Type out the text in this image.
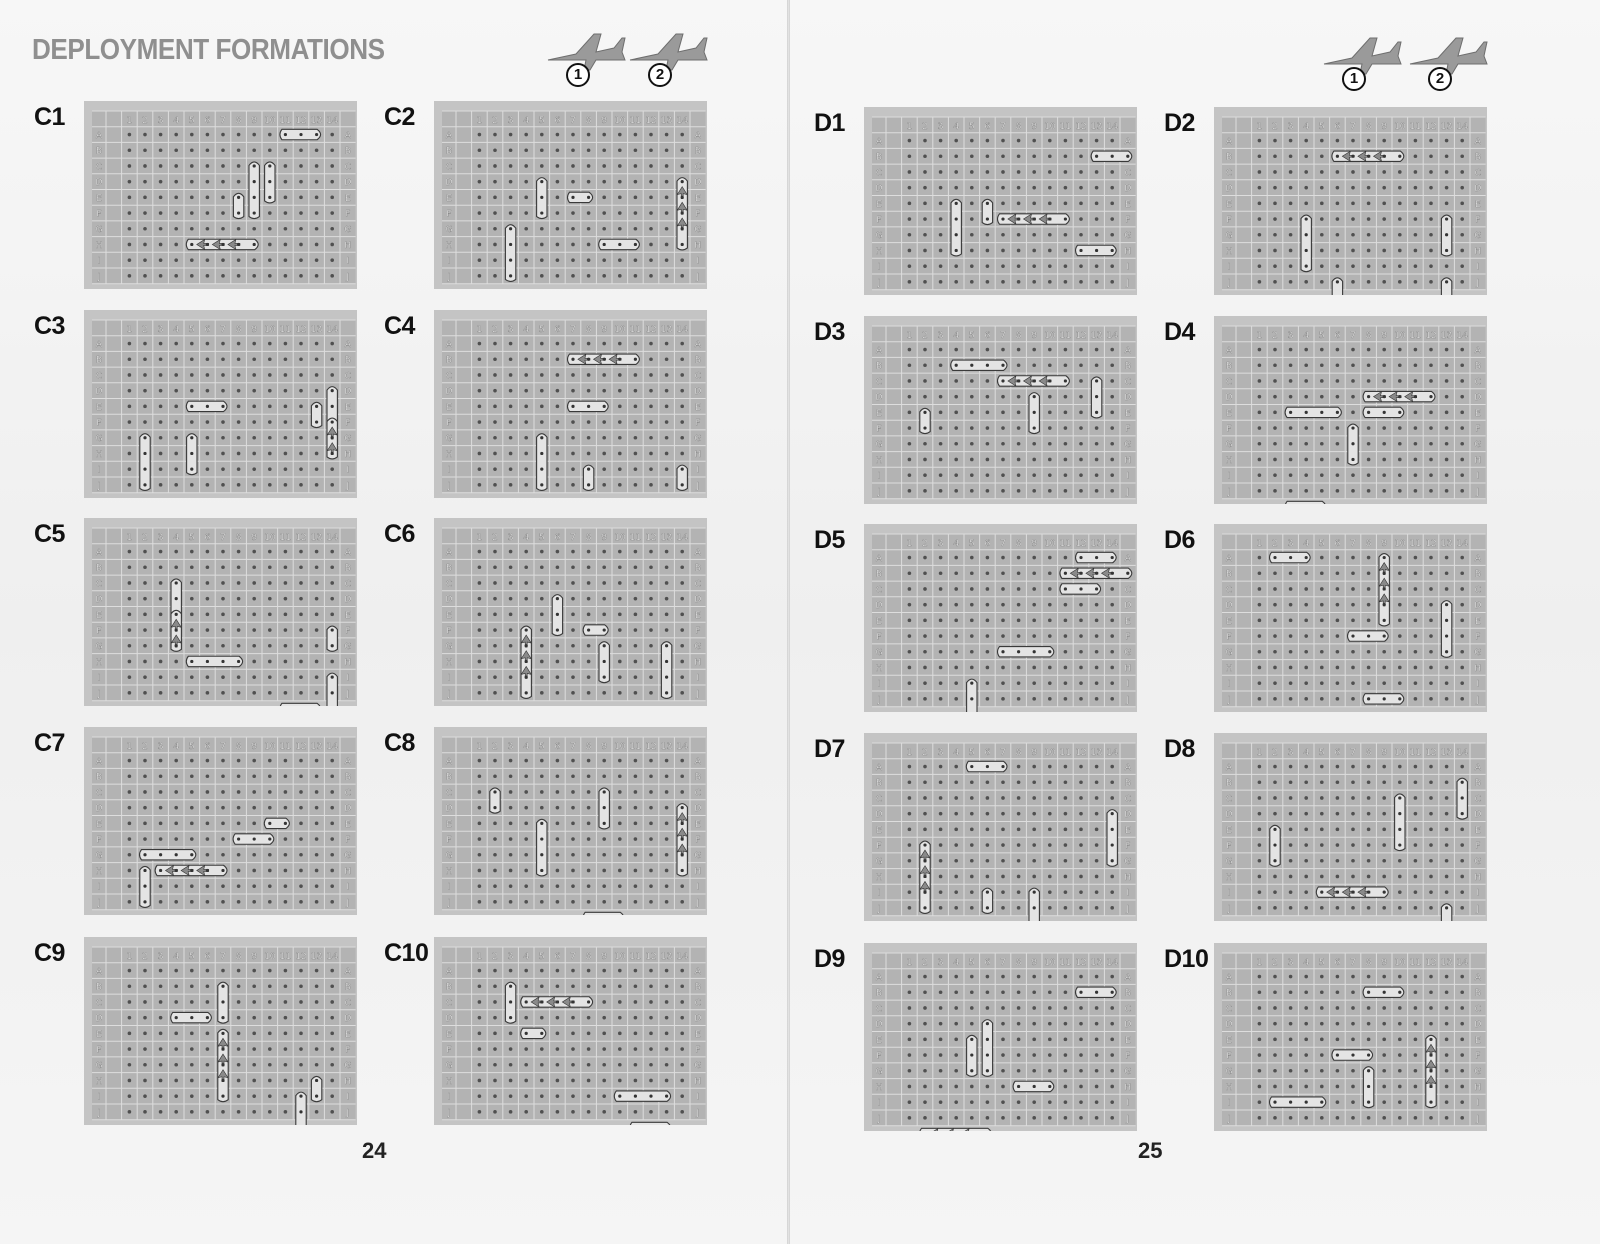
DEPLOYMENT FORMATIONS
1	2	1	2
C1	1 2 3 4 5 6 7 8 9 10 11 12 13 14
A	A
B	B
C	C
D	D
E	E
F	F
G	G
H	H
I	I
J	J
C2	1 2 3 4 5 6 7 8 9 10 11 12 13 14
A	A
B	B
C	C
D	D
E	E
F	F
G	G
H	H
I	I
J	J
C3	1 2 3 4 5 6 7 8 9 10 11 12 13 14
A	A
B	B
C	C
D	D
E	E
F	F
G	G
H	H
I	I
J	J
C4	1 2 3 4 5 6 7 8 9 10 11 12 13 14
A	A
B	B
C	C
D	D
E	E
F	F
G	G
H	H
I	I
J	J
C5	1 2 3 4 5 6 7 8 9 10 11 12 13 14
A	A
B	B
C	C
D	D
E	E
F	F
G	G
H	H
I	I
J	J
C6	1 2 3 4 5 6 7 8 9 10 11 12 13 14
A	A
B	B
C	C
D	D
E	E
F	F
G	G
H	H
I	I
J	J
C7	1 2 3 4 5 6 7 8 9 10 11 12 13 14
A	A
B	B
C	C
D	D
E	E
F	F
G	G
H	H
I	I
J	J
C8	1 2 3 4 5 6 7 8 9 10 11 12 13 14
A	A
B	B
C	C
D	D
E	E
F	F
G	G
H	H
I	I
J	J
C9	1 2 3 4 5 6 7 8 9 10 11 12 13 14
A	A
B	B
C	C
D	D
E	E
F	F
G	G
H	H
I	I
J	J
C10	1 2 3 4 5 6 7 8 9 10 11 12 13 14
A	A
B	B
C	C
D	D
E	E
F	F
G	G
H	H
I	I
J	J
D1	1 2 3 4 5 6 7 8 9 10 11 12 13 14
A	A
B
C	C
D	D
E	E
F	F
G	G
H	H
I	I
J	J
D2	1 2 3 4 5 6 7 8 9 10 11 12 13 14
A	A
B	B
C	C
D	D
E	E
F	F
G	G
H	H
I	I
J	J
D3	1 2 3 4 5 6 7 8 9 10 11 12 13 14
A	A
B	B
C	C
D	D
E	E
F	F
G	G
H	H
I	I
J	J
D4	1 2 3 4 5 6 7 8 9 10 11 12 13 14
A	A
B	B
C	C
D	D
E	E
F	F
G	G
H	H
I	I
J	J
D5	1 2 3 4 5 6 7 8 9 10 11 12 13 14
A	A
B
C	C
D	D
E	E
F	F
G	G
H	H
I	I
J	J
D6	1 2 3 4 5 6 7 8 9 10 11 12 13 14
A	A
B	B
C	C
D	D
E	E
F	F
G	G
H	H
I	I
J	J
D7	1 2 3 4 5 6 7 8 9 10 11 12 13 14
A	A
B	B
C	C
D	D
E	E
F	F
G	G
H	H
I	I
J	J
D8	1 2 3 4 5 6 7 8 9 10 11 12 13 14
A	A
B	B
C	C
D	D
E	E
F	F
G	G
H	H
I	I
J	J
D9	1 2 3 4 5 6 7 8 9 10 11 12 13 14
A	A
B	B
C	C
D	D
E	E
F	F
G	G
H	H
I	I
J	J
D10	1 2 3 4 5 6 7 8 9 10 11 12 13 14
A	A
B	B
C	C
D	D
E	E
F	F
G	G
H	H
I	I
J	J
24	25
